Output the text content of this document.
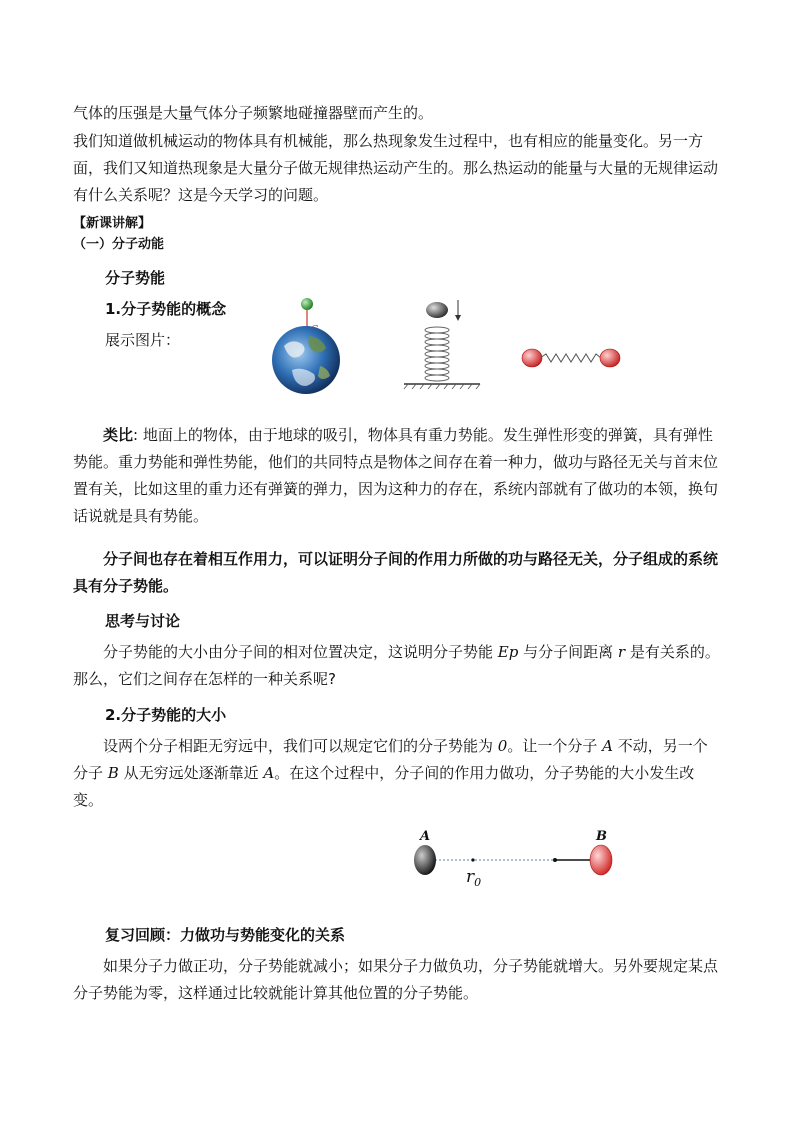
气体的压强是大量气体分子频繁地碰撞器壁而产生的。

我们知道做机械运动的物体具有机械能，那么热现象发生过程中，也有相应的能量变化。另一方面，我们又知道热现象是大量分子做无规律热运动产生的。那么热运动的能量与大量的无规律运动有什么关系呢？这是今天学习的问题。

【新课讲解】

（一）分子动能

分子势能

1.分子势能的概念

展示图片：

类比: 地面上的物体，由于地球的吸引，物体具有重力势能。发生弹性形变的弹簧，具有弹性势能。重力势能和弹性势能，他们的共同特点是物体之间存在着一种力，做功与路径无关与首末位置有关，比如这里的重力还有弹簧的弹力，因为这种力的存在，系统内部就有了做功的本领，换句话说就是具有势能。

分子间也存在着相互作用力，可以证明分子间的作用力所做的功与路径无关，分子组成的系统具有分子势能。

思考与讨论

分子势能的大小由分子间的相对位置决定，这说明分子势能 Ep 与分子间距离 r 是有关系的。那么，它们之间存在怎样的一种关系呢?

2.分子势能的大小

设两个分子相距无穷远中，我们可以规定它们的分子势能为 0。让一个分子 A 不动，另一个分子 B 从无穷远处逐渐靠近 A。在这个过程中，分子间的作用力做功，分子势能的大小发生改变。

A	B
$r_0$

复习回顾：力做功与势能变化的关系

如果分子力做正功，分子势能就减小；如果分子力做负功，分子势能就增大。另外要规定某点分子势能为零，这样通过比较就能计算其他位置的分子势能。
